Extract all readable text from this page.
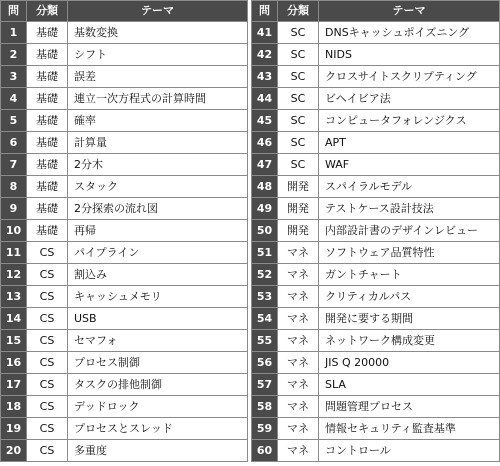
問	分類	テーマ
1	基礎	基数変換
2	基礎	シフト
3	基礎	誤差
4	基礎	連立一次方程式の計算時間
5	基礎	確率
6	基礎	計算量
7	基礎	2分木
8	基礎	スタック
9	基礎	2分探索の流れ図
10	基礎	再帰
11	CS	パイプライン
12	CS	割込み
13	CS	キャッシュメモリ
14	CS	USB
15	CS	セマフォ
16	CS	プロセス制御
17	CS	タスクの排他制御
18	CS	デッドロック
19	CS	プロセスとスレッド
20	CS	多重度
問	分類	テーマ
41	SC	DNSキャッシュポイズニング
42	SC	NIDS
43	SC	クロスサイトスクリプティング
44	SC	ビヘイビア法
45	SC	コンピュータフォレンジクス
46	SC	APT
47	SC	WAF
48	開発	スパイラルモデル
49	開発	テストケース設計技法
50	開発	内部設計書のデザインレビュー
51	マネ	ソフトウェア品質特性
52	マネ	ガントチャート
53	マネ	クリティカルパス
54	マネ	開発に要する期間
55	マネ	ネットワーク構成変更
56	マネ	JIS Q 20000
57	マネ	SLA
58	マネ	問題管理プロセス
59	マネ	情報セキュリティ監査基準
60	マネ	コントロール
